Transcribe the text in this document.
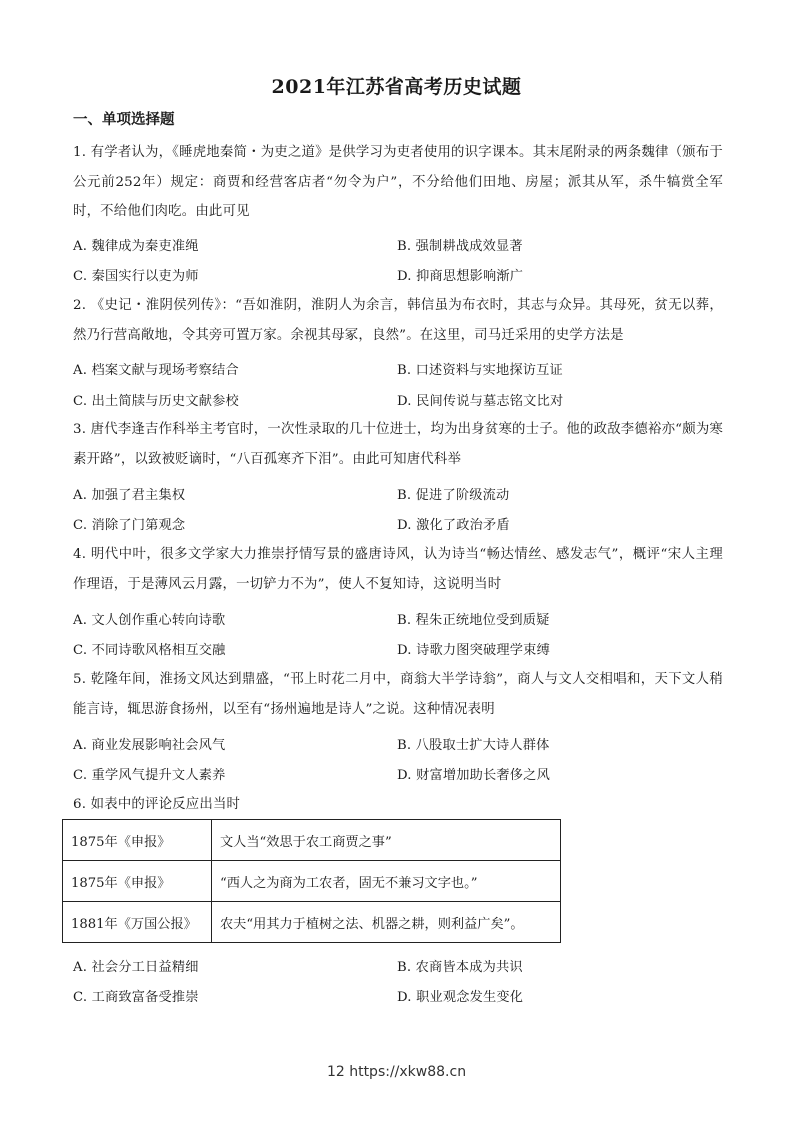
2021年江苏省高考历史试题
一、单项选择题
1. 有学者认为，《睡虎地秦简・为吏之道》是供学习为吏者使用的识字课本。其末尾附录的两条魏律（颁布于公元前252年）规定：商贾和经营客店者“勿令为户”，不分给他们田地、房屋；派其从军，杀牛犒赏全军时，不给他们肉吃。由此可见
A. 魏律成为秦吏准绳	B. 强制耕战成效显著
C. 秦国实行以吏为师	D. 抑商思想影响渐广
2. 《史记・淮阴侯列传》：“吾如淮阴，淮阴人为余言，韩信虽为布衣时，其志与众异。其母死，贫无以葬，然乃行营高敞地，令其旁可置万家。余视其母冢，良然”。在这里，司马迁采用的史学方法是
A. 档案文献与现场考察结合	B. 口述资料与实地探访互证
C. 出土简牍与历史文献参校	D. 民间传说与墓志铭文比对
3. 唐代李逢吉作科举主考官时，一次性录取的几十位进士，均为出身贫寒的士子。他的政敌李德裕亦“颇为寒素开路”，以致被贬谪时，“八百孤寒齐下泪”。由此可知唐代科举
A. 加强了君主集权	B. 促进了阶级流动
C. 消除了门第观念	D. 激化了政治矛盾
4. 明代中叶，很多文学家大力推崇抒情写景的盛唐诗风，认为诗当“畅达情丝、感发志气”，概评“宋人主理作理语，于是薄风云月露，一切铲力不为”，使人不复知诗，这说明当时
A. 文人创作重心转向诗歌	B. 程朱正统地位受到质疑
C. 不同诗歌风格相互交融	D. 诗歌力图突破理学束缚
5. 乾隆年间，淮扬文风达到鼎盛，“邗上时花二月中，商翁大半学诗翁”，商人与文人交相唱和，天下文人稍能言诗，辄思游食扬州，以至有“扬州遍地是诗人”之说。这种情况表明
A. 商业发展影响社会风气	B. 八股取士扩大诗人群体
C. 重学风气提升文人素养	D. 财富增加助长奢侈之风
6. 如表中的评论反应出当时
1875年《申报》	文人当“效思于农工商贾之事”
1875年《申报》	“西人之为商为工农者，固无不兼习文字也。”
1881年《万国公报》	农夫“用其力于植树之法、机器之耕，则利益广矣”。
A. 社会分工日益精细	B. 农商皆本成为共识
C. 工商致富备受推崇	D. 职业观念发生变化
12 https://xkw88.cn
